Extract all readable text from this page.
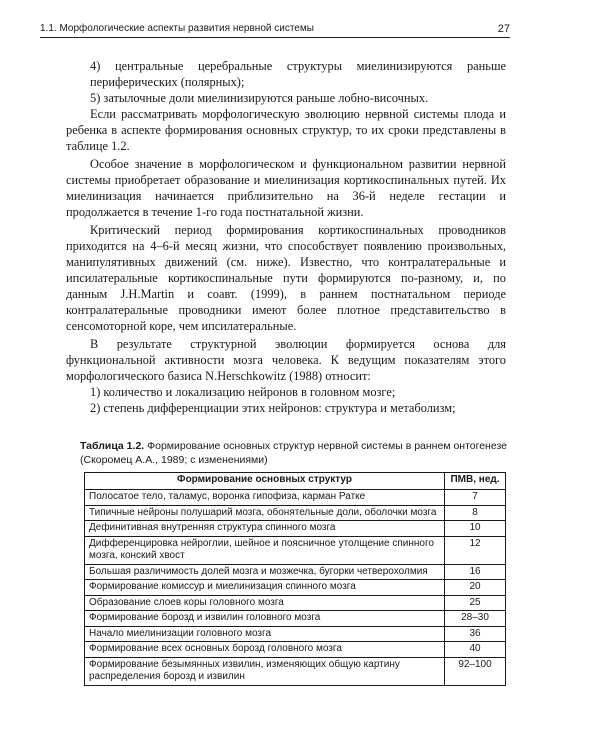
1.1. Морфологические аспекты развития нервной системы	27

4) центральные церебральные структуры миелинизируются раньше периферических (полярных);

5) затылочные доли миелинизируются раньше лобно-височных.

Если рассматривать морфологическую эволюцию нервной системы плода и ребенка в аспекте формирования основных структур, то их сроки представлены в таблице 1.2.

Особое значение в морфологическом и функциональном развитии нервной системы приобретает образование и миелинизация кортикоспинальных путей. Их миелинизация начинается приблизительно на 36-й неделе гестации и продолжается в течение 1-го года постнатальной жизни.

Критический период формирования кортикоспинальных проводников приходится на 4–6-й месяц жизни, что способствует появлению произвольных, манипулятивных движений (см. ниже). Известно, что контралатеральные и ипсилатеральные кортикоспинальные пути формируются по-разному, и, по данным J.H.Martin и соавт. (1999), в раннем постнатальном периоде контралатеральные проводники имеют более плотное представительство в сенсомоторной коре, чем ипсилатеральные.

В результате структурной эволюции формируется основа для функциональной активности мозга человека. К ведущим показателям этого морфологического базиса N.Herschkowitz (1988) относит:

1) количество и локализацию нейронов в головном мозге;

2) степень дифференциации этих нейронов: структура и метаболизм;

Таблица 1.2. Формирование основных структур нервной системы в раннем онтогенезе (Скоромец А.А., 1989; с изменениями)
Формирование основных структур	ПМВ, нед.
Полосатое тело, таламус, воронка гипофиза, карман Ратке	7
Типичные нейроны полушарий мозга, обонятельные доли, оболочки мозга	8
Дефинитивная внутренняя структура спинного мозга	10
Дифференцировка нейроглии, шейное и поясничное утолщение спинного мозга, конский хвост	12
Большая различимость долей мозга и мозжечка, бугорки четверохолмия	16
Формирование комиссур и миелинизация спинного мозга	20
Образование слоев коры головного мозга	25
Формирование борозд и извилин головного мозга	28–30
Начало миелинизации головного мозга	36
Формирование всех основных борозд головного мозга	40
Формирование безымянных извилин, изменяющих общую картину распределения борозд и извилин	92–100
